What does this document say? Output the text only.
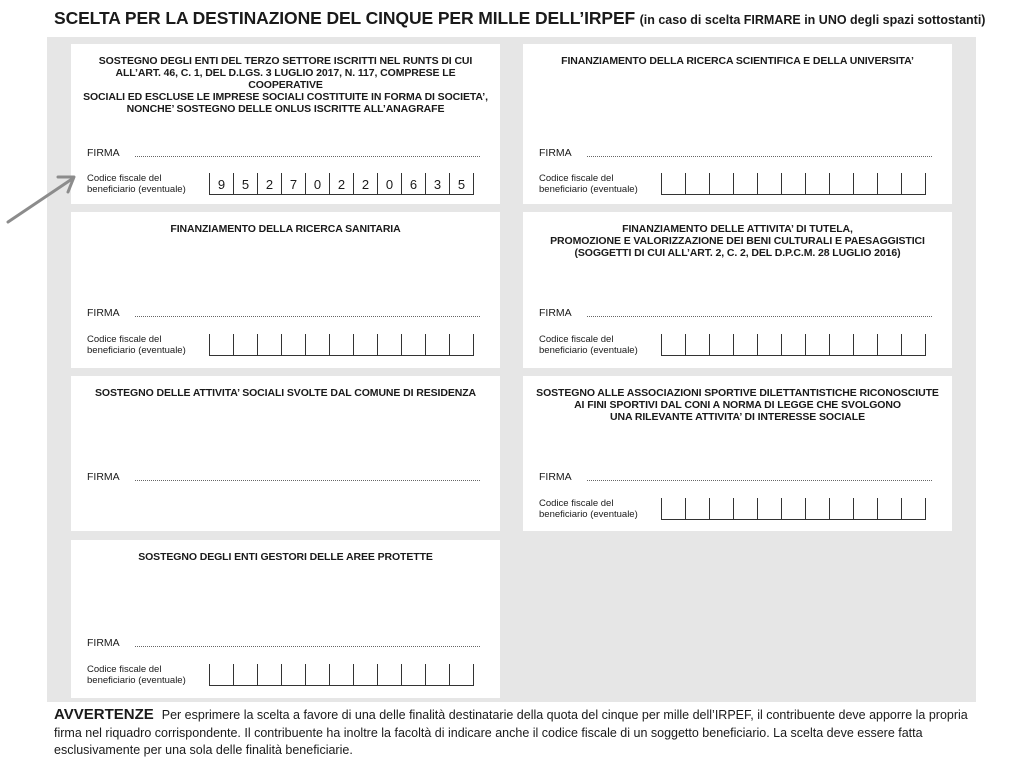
SCELTA PER LA DESTINAZIONE DEL CINQUE PER MILLE DELL’IRPEF (in caso di scelta FIRMARE in UNO degli spazi sottostanti)
SOSTEGNO DEGLI ENTI DEL TERZO SETTORE ISCRITTI NEL RUNTS DI CUI
ALL’ART. 46, C. 1, DEL D.LGS. 3 LUGLIO 2017, N. 117, COMPRESE LE COOPERATIVE
SOCIALI ED ESCLUSE LE IMPRESE SOCIALI COSTITUITE IN FORMA DI SOCIETA’,
NONCHE’ SOSTEGNO DELLE ONLUS ISCRITTE ALL’ANAGRAFE
FIRMA
Codice fiscale del
beneficiario (eventuale)	9	5	2	7	0	2	2	0	6	3	5
FINANZIAMENTO DELLA RICERCA SCIENTIFICA E DELLA UNIVERSITA’
FIRMA
Codice fiscale del
beneficiario (eventuale)
FINANZIAMENTO DELLA RICERCA SANITARIA
FIRMA
Codice fiscale del
beneficiario (eventuale)
FINANZIAMENTO DELLE ATTIVITA’ DI TUTELA,
PROMOZIONE E VALORIZZAZIONE DEI BENI CULTURALI E PAESAGGISTICI
(SOGGETTI DI CUI ALL’ART. 2, C. 2, DEL D.P.C.M. 28 LUGLIO 2016)
FIRMA
Codice fiscale del
beneficiario (eventuale)
SOSTEGNO DELLE ATTIVITA’ SOCIALI SVOLTE DAL COMUNE DI RESIDENZA
FIRMA
SOSTEGNO ALLE ASSOCIAZIONI SPORTIVE DILETTANTISTICHE RICONOSCIUTE
AI FINI SPORTIVI DAL CONI A NORMA DI LEGGE CHE SVOLGONO
UNA RILEVANTE ATTIVITA’ DI INTERESSE SOCIALE
FIRMA
Codice fiscale del
beneficiario (eventuale)
SOSTEGNO DEGLI ENTI GESTORI DELLE AREE PROTETTE
FIRMA
Codice fiscale del
beneficiario (eventuale)
AVVERTENZE Per esprimere la scelta a favore di una delle finalità destinatarie della quota del cinque per mille dell’IRPEF, il contribuente deve apporre la propria firma nel riquadro corrispondente. Il contribuente ha inoltre la facoltà di indicare anche il codice fiscale di un soggetto beneficiario. La scelta deve essere fatta esclusivamente per una sola delle finalità beneficiarie.
